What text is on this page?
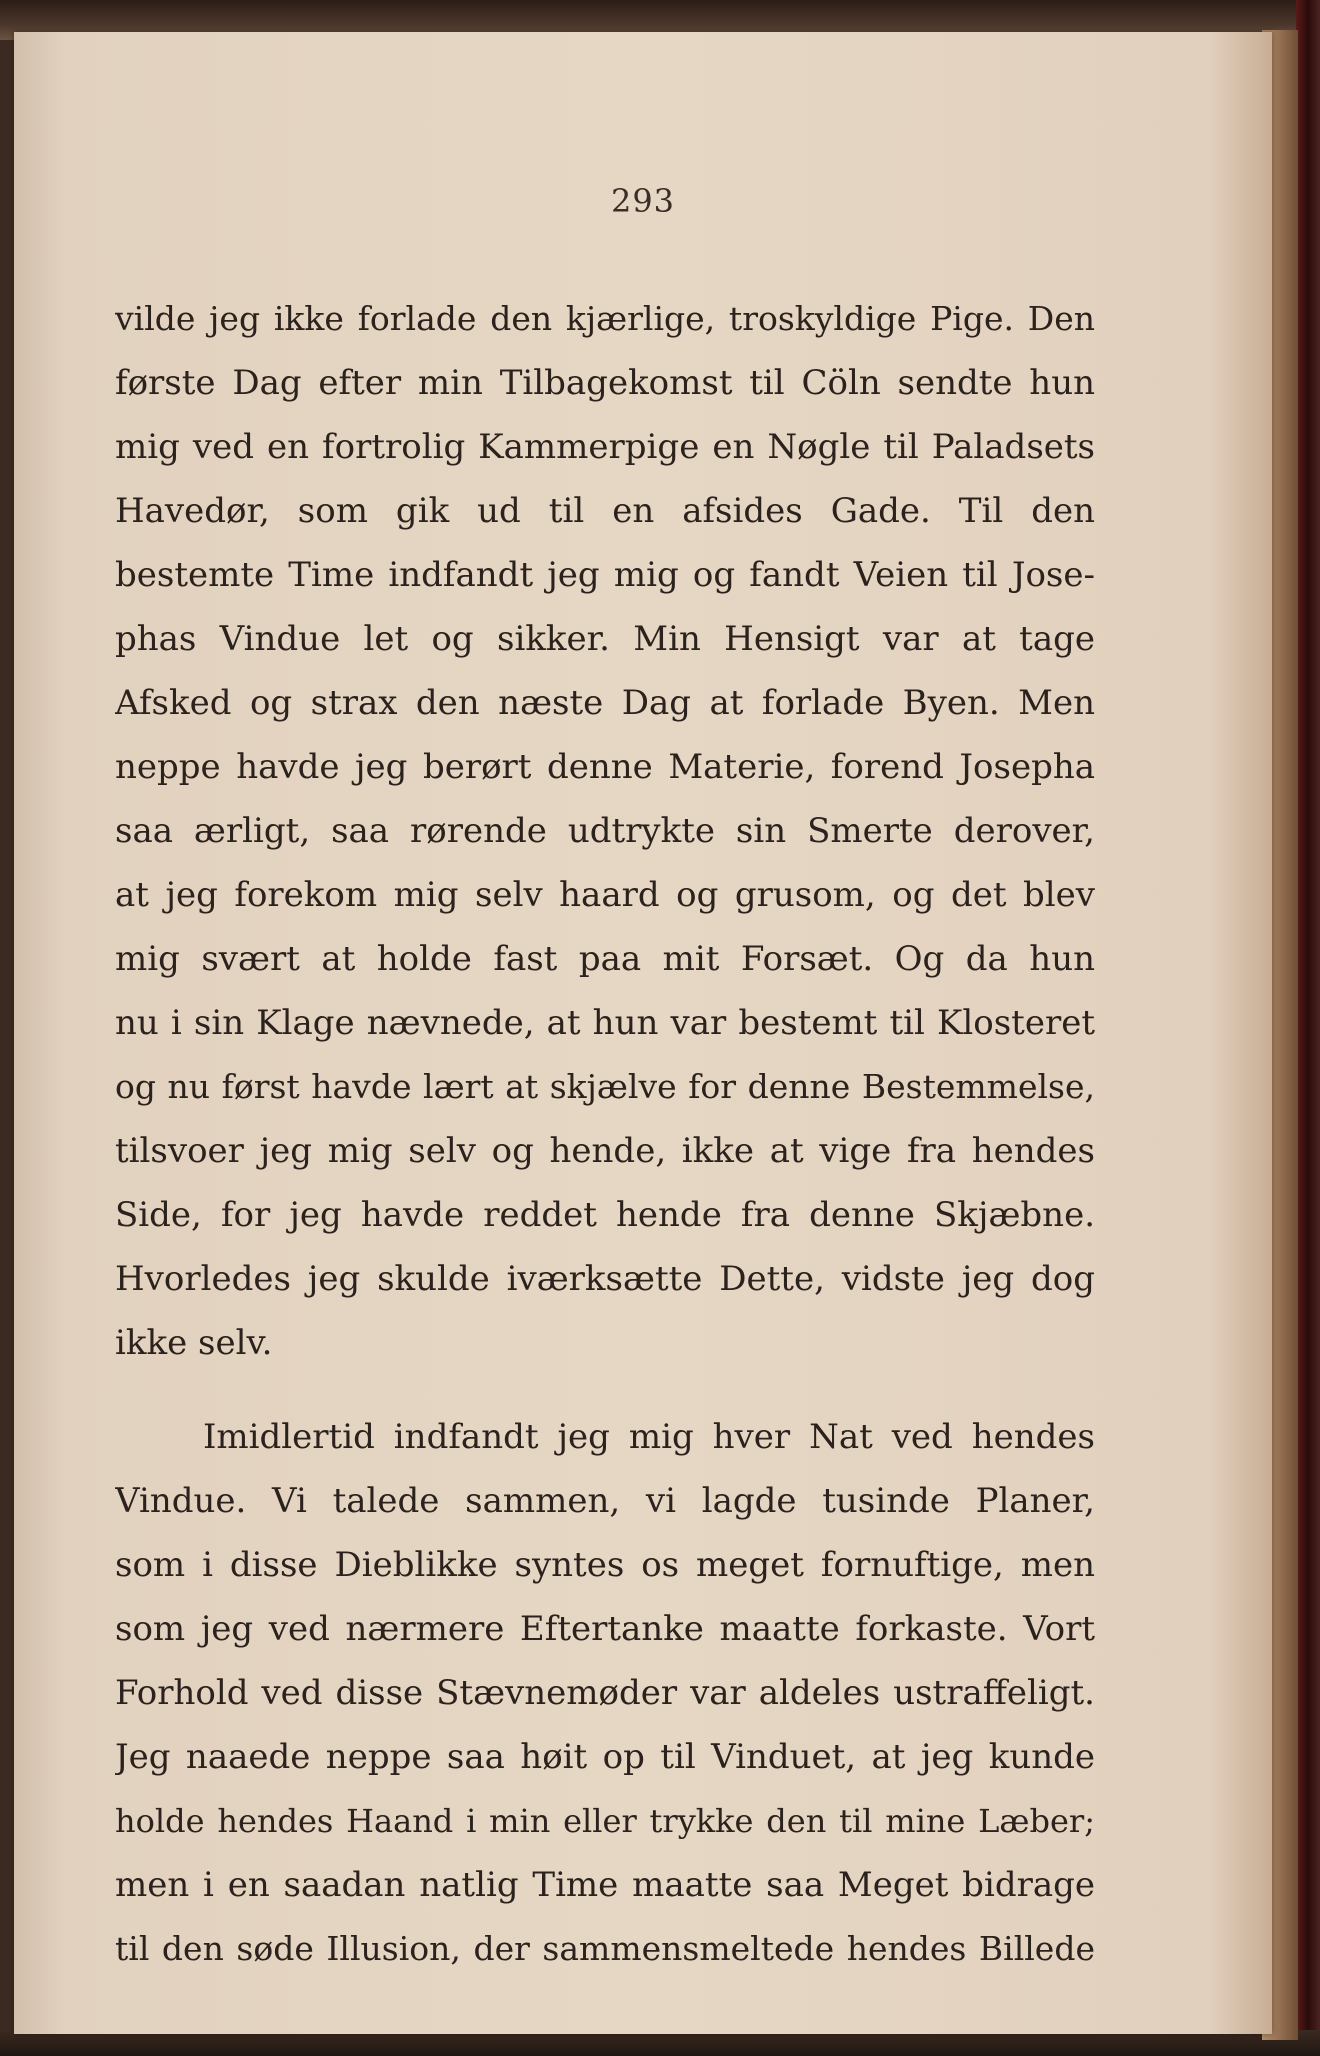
293
vilde jeg ikke forlade den kjærlige, troskyldige Pige. Den
første Dag efter min Tilbagekomst til Cöln sendte hun
mig ved en fortrolig Kammerpige en Nøgle til Paladsets
Havedør, som gik ud til en afsides Gade. Til den
bestemte Time indfandt jeg mig og fandt Veien til Jose-
phas Vindue let og sikker. Min Hensigt var at tage
Afsked og strax den næste Dag at forlade Byen. Men
neppe havde jeg berørt denne Materie, forend Josepha
saa ærligt, saa rørende udtrykte sin Smerte derover,
at jeg forekom mig selv haard og grusom, og det blev
mig svært at holde fast paa mit Forsæt. Og da hun
nu i sin Klage nævnede, at hun var bestemt til Klosteret
og nu først havde lært at skjælve for denne Bestemmelse,
tilsvoer jeg mig selv og hende, ikke at vige fra hendes
Side, for jeg havde reddet hende fra denne Skjæbne.
Hvorledes jeg skulde iværksætte Dette, vidste jeg dog
ikke selv.
Imidlertid indfandt jeg mig hver Nat ved hendes
Vindue. Vi talede sammen, vi lagde tusinde Planer,
som i disse Dieblikke syntes os meget fornuftige, men
som jeg ved nærmere Eftertanke maatte forkaste. Vort
Forhold ved disse Stævnemøder var aldeles ustraffeligt.
Jeg naaede neppe saa høit op til Vinduet, at jeg kunde
holde hendes Haand i min eller trykke den til mine Læber;
men i en saadan natlig Time maatte saa Meget bidrage
til den søde Illusion, der sammensmeltede hendes Billede
